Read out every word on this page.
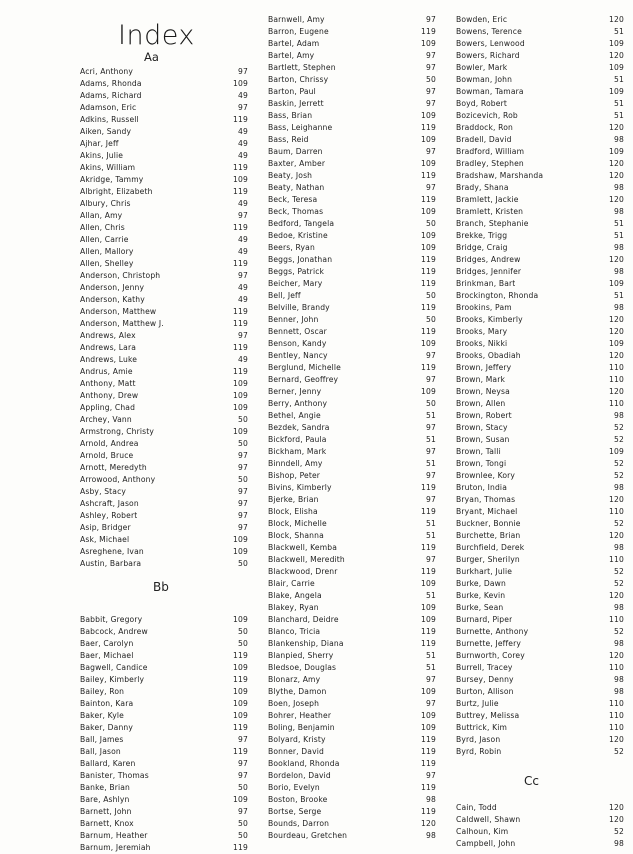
Index
Aa
Acri, Anthony	97
Adams, Rhonda	109
Adams, Richard	49
Adamson, Eric	97
Adkins, Russell	119
Aiken, Sandy	49
Ajhar, Jeff	49
Akins, Julie	49
Akins, William	119
Akridge, Tammy	109
Albright, Elizabeth	119
Albury, Chris	49
Allan, Amy	97
Allen, Chris	119
Allen, Carrie	49
Allen, Mallory	49
Allen, Shelley	119
Anderson, Christoph	97
Anderson, Jenny	49
Anderson, Kathy	49
Anderson, Matthew	119
Anderson, Matthew J.	119
Andrews, Alex	97
Andrews, Lara	119
Andrews, Luke	49
Andrus, Amie	119
Anthony, Matt	109
Anthony, Drew	109
Appling, Chad	109
Archey, Vann	50
Armstrong, Christy	109
Arnold, Andrea	50
Arnold, Bruce	97
Arnott, Meredyth	97
Arrowood, Anthony	50
Asby, Stacy	97
Ashcraft, Jason	97
Ashley, Robert	97
Asip, Bridger	97
Ask, Michael	109
Asreghene, Ivan	109
Austin, Barbara	50
Bb
Babbit, Gregory	109
Babcock, Andrew	50
Baer, Carolyn	50
Baer, Michael	119
Bagwell, Candice	109
Bailey, Kimberly	119
Bailey, Ron	109
Bainton, Kara	109
Baker, Kyle	109
Baker, Danny	119
Ball, James	97
Ball, Jason	119
Ballard, Karen	97
Banister, Thomas	97
Banke, Brian	50
Bare, Ashlyn	109
Barnett, John	97
Barnett, Knox	50
Barnum, Heather	50
Barnum, Jeremiah	119
Barnwell, Amy	97
Barron, Eugene	119
Bartel, Adam	109
Bartel, Amy	97
Bartlett, Stephen	97
Barton, Chrissy	50
Barton, Paul	97
Baskin, Jerrett	97
Bass, Brian	109
Bass, Leighanne	119
Bass, Reid	109
Baum, Darren	97
Baxter, Amber	109
Beaty, Josh	119
Beaty, Nathan	97
Beck, Teresa	119
Beck, Thomas	109
Bedford, Tangela	50
Bedoe, Kristine	109
Beers, Ryan	109
Beggs, Jonathan	119
Beggs, Patrick	119
Beicher, Mary	119
Bell, Jeff	50
Belville, Brandy	119
Benner, John	50
Bennett, Oscar	119
Benson, Kandy	109
Bentley, Nancy	97
Berglund, Michelle	119
Bernard, Geoffrey	97
Berner, Jenny	109
Berry, Anthony	50
Bethel, Angie	51
Bezdek, Sandra	97
Bickford, Paula	51
Bickham, Mark	97
Binndell, Amy	51
Bishop, Peter	97
Bivins, Kimberly	119
Bjerke, Brian	97
Block, Elisha	119
Block, Michelle	51
Block, Shanna	51
Blackwell, Kemba	119
Blackwell, Meredith	97
Blackwood, Drenr	119
Blair, Carrie	109
Blake, Angela	51
Blakey, Ryan	109
Blanchard, Deidre	109
Blanco, Tricia	119
Blankenship, Diana	119
Blanpied, Sherry	51
Bledsoe, Douglas	51
Blonarz, Amy	97
Blythe, Damon	109
Boen, Joseph	97
Bohrer, Heather	109
Boling, Benjamin	109
Bolyard, Kristy	119
Bonner, David	119
Bookland, Rhonda	119
Bordelon, David	97
Borio, Evelyn	119
Boston, Brooke	98
Bortse, Serge	119
Bounds, Darron	120
Bourdeau, Gretchen	98
Bowden, Eric	120
Bowens, Terence	51
Bowers, Lenwood	109
Bowers, Richard	120
Bowler, Mark	109
Bowman, John	51
Bowman, Tamara	109
Boyd, Robert	51
Bozicevich, Rob	51
Braddock, Ron	120
Bradell, David	98
Bradford, William	109
Bradley, Stephen	120
Bradshaw, Marshanda	120
Brady, Shana	98
Bramlett, Jackie	120
Bramlett, Kristen	98
Branch, Stephanie	51
Brekke, Trigg	51
Bridge, Craig	98
Bridges, Andrew	120
Bridges, Jennifer	98
Brinkman, Bart	109
Brockington, Rhonda	51
Brookins, Pam	98
Brooks, Kimberly	120
Brooks, Mary	120
Brooks, Nikki	109
Brooks, Obadiah	120
Brown, Jeffery	110
Brown, Mark	110
Brown, Neysa	120
Brown, Allen	110
Brown, Robert	98
Brown, Stacy	52
Brown, Susan	52
Brown, Talli	109
Brown, Tongi	52
Brownlee, Kory	52
Bruton, India	98
Bryan, Thomas	120
Bryant, Michael	110
Buckner, Bonnie	52
Burchette, Brian	120
Burchfield, Derek	98
Burger, Sherilyn	110
Burkhart, Julie	52
Burke, Dawn	52
Burke, Kevin	120
Burke, Sean	98
Burnard, Piper	110
Burnette, Anthony	52
Burnette, Jeffery	98
Burnworth, Corey	120
Burrell, Tracey	110
Bursey, Denny	98
Burton, Allison	98
Burtz, Julie	110
Buttrey, Melissa	110
Buttrick, Kim	110
Byrd, Jason	120
Byrd, Robin	52
Cc
Cain, Todd	120
Caldwell, Shawn	120
Calhoun, Kim	52
Campbell, John	98
